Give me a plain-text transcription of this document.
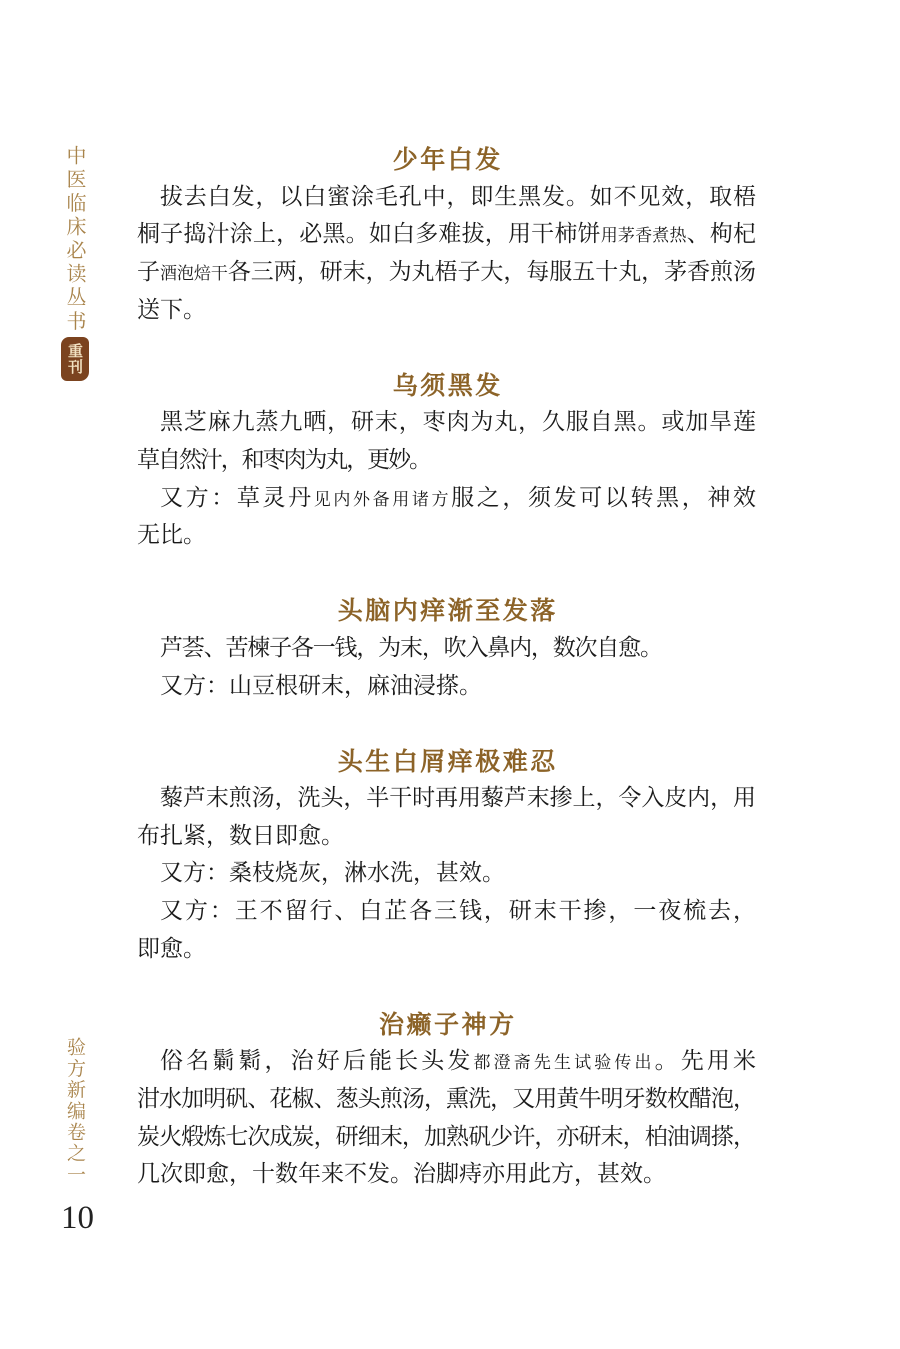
中医临床必读丛书
重刊
验方新编卷之一
10
少年白发
拔去白发，以白蜜涂毛孔中，即生黑发。如不见效，取梧
桐子捣汁涂上，必黑。如白多难拔，用干柿饼用茅香煮热、枸杞
子酒泡焙干各三两，研末，为丸梧子大，每服五十丸，茅香煎汤
送下。
乌须黑发
黑芝麻九蒸九晒，研末，枣肉为丸，久服自黑。或加旱莲
草自然汁，和枣肉为丸，更妙。
又方：草灵丹见内外备用诸方服之，须发可以转黑，神效
无比。
头脑内痒渐至发落
芦荟、苦楝子各一钱，为末，吹入鼻内，数次自愈。
又方：山豆根研末，麻油浸搽。
头生白屑痒极难忍
藜芦末煎汤，洗头，半干时再用藜芦末掺上，令入皮内，用
布扎紧，数日即愈。
又方：桑枝烧灰，淋水洗，甚效。
又方：王不留行、白芷各三钱，研末干掺，一夜梳去，
即愈。
治癞子神方
俗名鬎鬁，治好后能长头发都澄斋先生试验传出。先用米
泔水加明矾、花椒、葱头煎汤，熏洗，又用黄牛明牙数枚醋泡，
炭火煅炼七次成炭，研细末，加熟矾少许，亦研末，柏油调搽，
几次即愈，十数年来不发。治脚痔亦用此方，甚效。
